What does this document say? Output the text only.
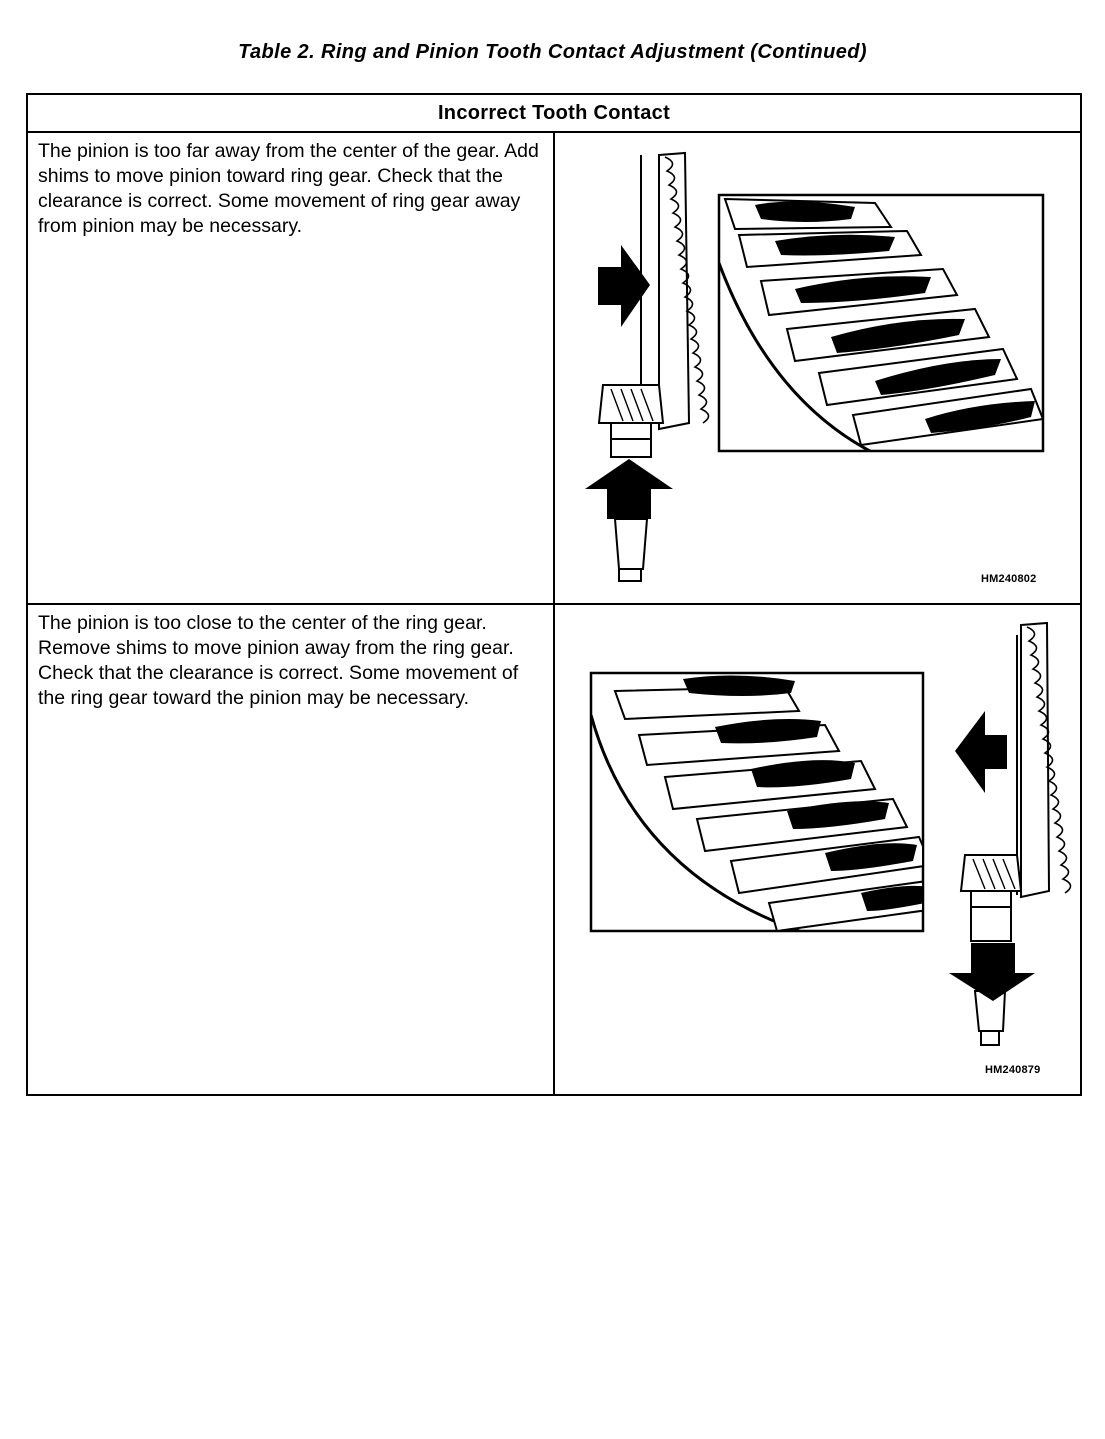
Table 2. Ring and Pinion Tooth Contact Adjustment (Continued)
Incorrect Tooth Contact	
The pinion is too far away from the center of the gear. Add shims to move pinion toward ring gear. Check that the clearance is correct. Some movement of ring gear away from pinion may be necessary.	HM240802

The pinion is too close to the center of the ring gear. Remove shims to move pinion away from the ring gear. Check that the clearance is correct. Some movement of the ring gear toward the pinion may be necessary.	HM240879
